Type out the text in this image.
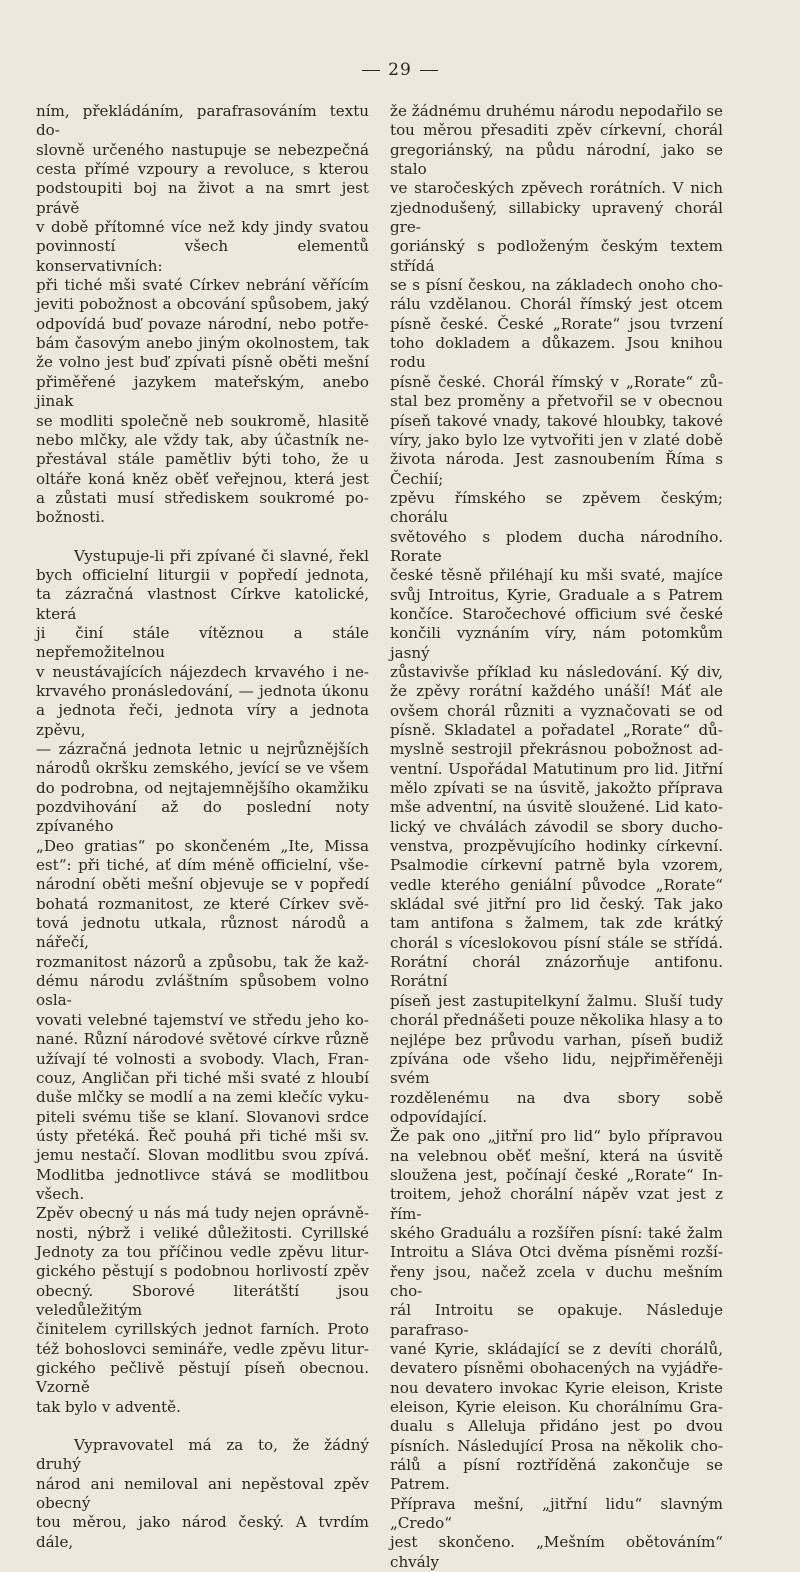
29

ním, překládáním, parafrasováním textu do-

slovně určeného nastupuje se nebezpečná

cesta přímé vzpoury a revoluce, s kterou

podstoupiti boj na život a na smrt jest právě

v době přítomné více než kdy jindy svatou

povinností všech elementů konservativních:

při tiché mši svaté Církev nebrání věřícím

jeviti pobožnost a obcování spůsobem, jaký

odpovídá buď povaze národní, nebo potře-

bám časovým anebo jiným okolnostem, tak

že volno jest buď zpívati písně oběti mešní

přiměřené jazykem mateřským, anebo jinak

se modliti společně neb soukromě, hlasitě

nebo mlčky, ale vždy tak, aby účastník ne-

přestával stále pamětliv býti toho, že u

oltáře koná kněz oběť veřejnou, která jest

a zůstati musí střediskem soukromé po-

božnosti.

Vystupuje-li při zpívané či slavné, řekl

bych officielní liturgii v popředí jednota,

ta zázračná vlastnost Církve katolické, která

ji činí stále vítěznou a stále nepřemožitelnou

v neustávajících nájezdech krvavého i ne-

krvavého pronásledování, — jednota úkonu

a jednota řeči, jednota víry a jednota zpěvu,

— zázračná jednota letnic u nejrůznějších

národů okršku zemského, jevící se ve všem

do podrobna, od nejtajemnějšího okamžiku

pozdvihování až do poslední noty zpívaného

„Deo gratias“ po skončeném „Ite, Missa

est“: při tiché, ať dím méně officielní, vše-

národní oběti mešní objevuje se v popředí

bohatá rozmanitost, ze které Církev svě-

tová jednotu utkala, různost národů a nářečí,

rozmanitost názorů a způsobu, tak že kaž-

dému národu zvláštním spůsobem volno osla-

vovati velebné tajemství ve středu jeho ko-

nané. Různí národové světové církve různě

užívají té volnosti a svobody. Vlach, Fran-

couz, Angličan při tiché mši svaté z hloubí

duše mlčky se modlí a na zemi klečíc vyku-

piteli svému tiše se klaní. Slovanovi srdce

ústy přetéká. Řeč pouhá při tiché mši sv.

jemu nestačí. Slovan modlitbu svou zpívá.

Modlitba jednotlivce stává se modlitbou všech.

Zpěv obecný u nás má tudy nejen oprávně-

nosti, nýbrž i veliké důležitosti. Cyrillské

Jednoty za tou příčinou vedle zpěvu litur-

gického pěstují s podobnou horlivostí zpěv

obecný. Sborové literátští jsou veledůležitým

činitelem cyrillských jednot farních. Proto

též bohoslovci semináře, vedle zpěvu litur-

gického pečlivě pěstují píseň obecnou. Vzorně

tak bylo v adventě.

Vypravovatel má za to, že žádný druhý

národ ani nemiloval ani nepěstoval zpěv obecný

tou měrou, jako národ český. A tvrdím dále,

že žádnému druhému národu nepodařilo se

tou měrou přesaditi zpěv církevní, chorál

gregoriánský, na půdu národní, jako se stalo

ve staročeských zpěvech rorátních. V nich

zjednodušený, sillabicky upravený chorál gre-

goriánský s podloženým českým textem střídá

se s písní českou, na základech onoho cho-

rálu vzdělanou. Chorál římský jest otcem

písně české. České „Rorate“ jsou tvrzení

toho dokladem a důkazem. Jsou knihou rodu

písně české. Chorál římský v „Rorate“ zů-

stal bez proměny a přetvořil se v obecnou

píseň takové vnady, takové hloubky, takové

víry, jako bylo lze vytvořiti jen v zlaté době

života národa. Jest zasnoubením Říma s Čechií;

zpěvu římského se zpěvem českým; chorálu

světového s plodem ducha národního. Rorate

české těsně přiléhají ku mši svaté, majíce

svůj Introitus, Kyrie, Graduale a s Patrem

končíce. Staročechové officium své české

končili vyznáním víry, nám potomkům jasný

zůstavivše příklad ku následování. Ký div,

že zpěvy rorátní každého unáší! Máť ale

ovšem chorál různiti a vyznačovati se od

písně. Skladatel a pořadatel „Rorate“ dů-

myslně sestrojil překrásnou pobožnost ad-

ventní. Uspořádal Matutinum pro lid. Jitřní

mělo zpívati se na úsvitě, jakožto příprava

mše adventní, na úsvitě sloužené. Lid kato-

lický ve chválách závodil se sbory ducho-

venstva, prozpěvujícího hodinky církevní.

Psalmodie církevní patrně byla vzorem,

vedle kterého geniální původce „Rorate“

skládal své jitřní pro lid český. Tak jako

tam antifona s žalmem, tak zde krátký

chorál s víceslokovou písní stále se střídá.

Rorátní chorál znázorňuje antifonu. Rorátní

píseň jest zastupitelkyní žalmu. Sluší tudy

chorál přednášeti pouze několika hlasy a to

nejlépe bez průvodu varhan, píseň budiž

zpívána ode všeho lidu, nejpřiměřeněji svém

rozdělenému na dva sbory sobě odpovídající.

Že pak ono „jitřní pro lid“ bylo přípravou

na velebnou oběť mešní, která na úsvitě

sloužena jest, počínají české „Rorate“ In-

troitem, jehož chorální nápěv vzat jest z řím-

ského Graduálu a rozšířen písní: také žalm

Introitu a Sláva Otci dvěma písněmi rozší-

řeny jsou, načež zcela v duchu mešním cho-

rál Introitu se opakuje. Následuje parafraso-

vané Kyrie, skládající se z devíti chorálů,

devatero písněmi obohacených na vyjádře-

nou devatero invokac Kyrie eleison, Kriste

eleison, Kyrie eleison. Ku chorálnímu Gra-

dualu s Alleluja přidáno jest po dvou

písních. Následující Prosa na několik cho-

rálů a písní roztříděná zakončuje se Patrem.

Příprava mešní, „jitřní lidu“ slavným „Credo“

jest skončeno. „Mešním obětováním“ chvály
